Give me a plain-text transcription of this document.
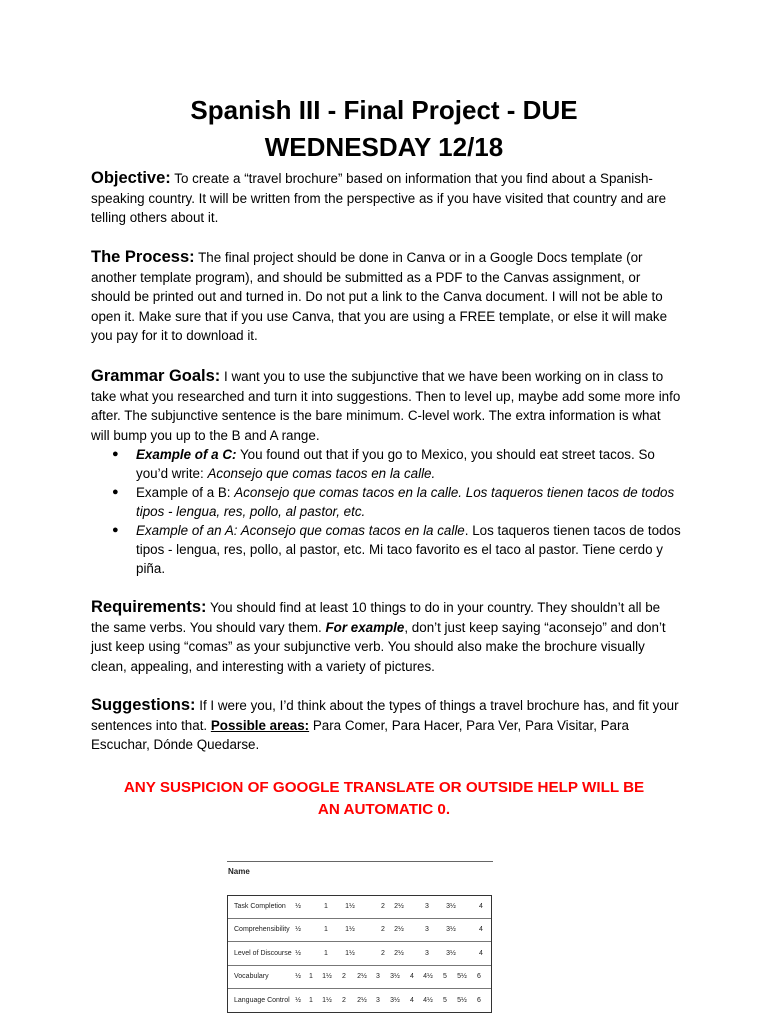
Spanish III - Final Project - DUE
WEDNESDAY 12/18
Objective: To create a “travel brochure” based on information that you find about a Spanish-speaking country. It will be written from the perspective as if you have visited that country and are telling others about it.
The Process: The final project should be done in Canva or in a Google Docs template (or another template program), and should be submitted as a PDF to the Canvas assignment, or should be printed out and turned in. Do not put a link to the Canva document. I will not be able to open it. Make sure that if you use Canva, that you are using a FREE template, or else it will make you pay for it to download it.
Grammar Goals: I want you to use the subjunctive that we have been working on in class to take what you researched and turn it into suggestions. Then to level up, maybe add some more info after. The subjunctive sentence is the bare minimum. C-level work. The extra information is what will bump you up to the B and A range.
● Example of a C: You found out that if you go to Mexico, you should eat street tacos. So you’d write: Aconsejo que comas tacos en la calle.
● Example of a B: Aconsejo que comas tacos en la calle. Los taqueros tienen tacos de todos tipos - lengua, res, pollo, al pastor, etc.
● Example of an A: Aconsejo que comas tacos en la calle. Los taqueros tienen tacos de todos tipos - lengua, res, pollo, al pastor, etc. Mi taco favorito es el taco al pastor. Tiene cerdo y piña.
Requirements: You should find at least 10 things to do in your country. They shouldn’t all be the same verbs. You should vary them. For example, don’t just keep saying “aconsejo” and don’t just keep using “comas” as your subjunctive verb. You should also make the brochure visually clean, appealing, and interesting with a variety of pictures.
Suggestions: If I were you, I’d think about the types of things a travel brochure has, and fit your sentences into that. Possible areas: Para Comer, Para Hacer, Para Ver, Para Visitar, Para Escuchar, Dónde Quedarse.
ANY SUSPICION OF GOOGLE TRANSLATE OR OUTSIDE HELP WILL BE
AN AUTOMATIC 0.
Name
Task Completion	½	1	1½	2	2½	3	3½	4
Comprehensibility ½	1	1½	2	2½	3	3½	4
Level of Discourse ½	1	1½	2	2½	3	3½	4
Vocabulary	½	1	1½	2	2½	3	3½	4	4½	5	5½	6
Language Control ½	1	1½	2	2½	3	3½	4	4½	5	5½	6
